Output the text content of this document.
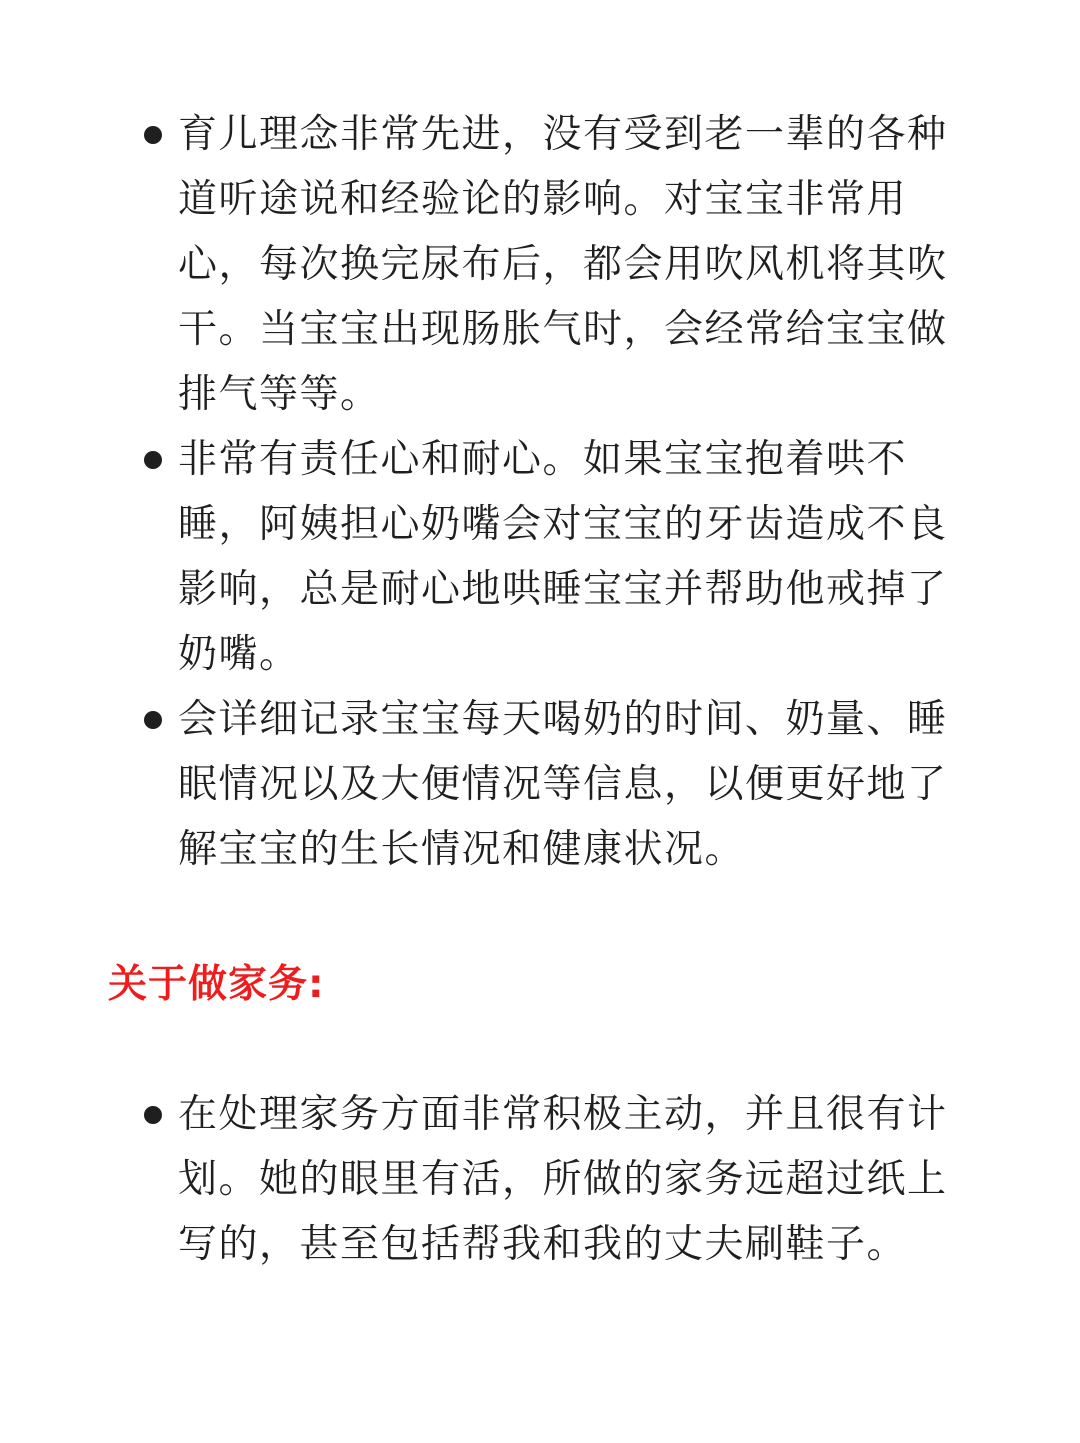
育儿理念非常先进，没有受到老一辈的各种道听途说和经验论的影响。对宝宝非常用心，每次换完尿布后，都会用吹风机将其吹干。当宝宝出现肠胀气时，会经常给宝宝做排气等等。
非常有责任心和耐心。如果宝宝抱着哄不睡，阿姨担心奶嘴会对宝宝的牙齿造成不良影响，总是耐心地哄睡宝宝并帮助他戒掉了奶嘴。
会详细记录宝宝每天喝奶的时间、奶量、睡眠情况以及大便情况等信息，以便更好地了解宝宝的生长情况和健康状况。
关于做家务:
在处理家务方面非常积极主动，并且很有计划。她的眼里有活，所做的家务远超过纸上写的，甚至包括帮我和我的丈夫刷鞋子。
